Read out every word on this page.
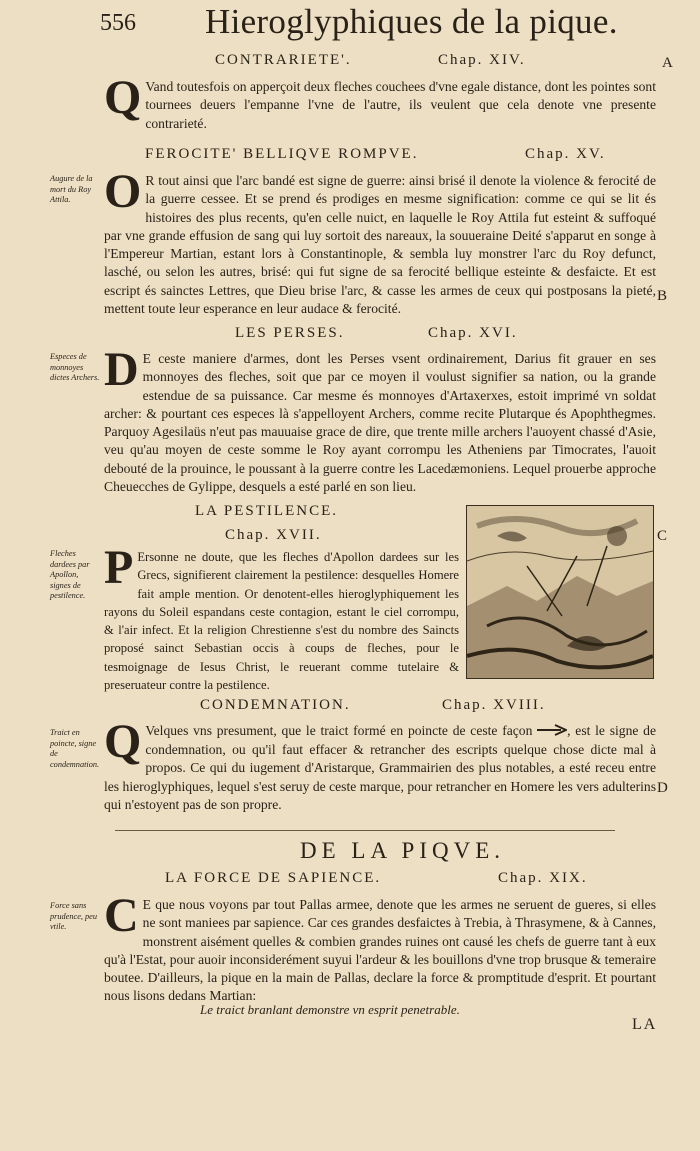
556 Hieroglyphiques de la pique.
A
B
C
D
CONTRARIETE'.	Chap. XIV.
Q Vand toutesfois on apperçoit deux fleches couchees d'vne egale distance, dont les pointes sont tournees deuers l'empanne l'vne de l'autre, ils veulent que cela denote vne presente contrarieté.
FEROCITE' BELLIQVE ROMPVE.	Chap. XV.
Augure de la mort du Roy Attila. O R tout ainsi que l'arc bandé est signe de guerre: ainsi brisé il denote la violence & ferocité de la guerre cessee. Et se prend és prodiges en mesme signification: comme ce qui se lit és histoires des plus recents, qu'en celle nuict, en laquelle le Roy Attila fut esteint & suffoqué par vne grande effusion de sang qui luy sortoit des nareaux, la souueraine Deité s'apparut en songe à l'Empereur Martian, estant lors à Constantinople, & sembla luy monstrer l'arc du Roy defunct, lasché, ou selon les autres, brisé: qui fut signe de sa ferocité bellique esteinte & desfaicte. Et est escript és sainctes Lettres, que Dieu brise l'arc, & casse les armes de ceux qui postposans la pieté, mettent toute leur esperance en leur audace & ferocité.
LES PERSES.	Chap. XVI.
Especes de monnoyes dictes Archers. D E ceste maniere d'armes, dont les Perses vsent ordinairement, Darius fit grauer en ses monnoyes des fleches, soit que par ce moyen il voulust signifier sa nation, ou la grande estendue de sa puissance. Car mesme és monnoyes d'Artaxerxes, estoit imprimé vn soldat archer: & pourtant ces especes là s'appelloyent Archers, comme recite Plutarque és Apophthegmes. Parquoy Agesilaüs n'eut pas mauuaise grace de dire, que trente mille archers l'auoyent chassé d'Asie, veu qu'au moyen de ceste somme le Roy ayant corrompu les Atheniens par Timocrates, l'auoit debouté de la prouince, le poussant à la guerre contre les Lacedæmoniens. Lequel prouerbe approche Cheuecches de Gylippe, desquels a esté parlé en son lieu.
LA PESTILENCE.
Chap. XVII.
Fleches dardees par Apollon, signes de pestilence.
P Ersonne ne doute, que les fleches d'Apollon dardees sur les Grecs, signifierent clairement la pestilence: desquelles Homere fait ample mention. Or denotent-elles hieroglyphiquement les rayons du Soleil espandans ceste contagion, estant le ciel corrompu, & l'air infect. Et la religion Chrestienne s'est du nombre des Saincts proposé sainct Sebastian occis à coups de fleches, pour le tesmoignage de Iesus Christ, le reuerant comme tutelaire & preseruateur contre la pestilence.
CONDEMNATION.	Chap. XVIII.
Traict en poincte, signe de condemnation. Q Velques vns presument, que le traict formé en poincte de ceste façon	, est le signe de condemnation, ou qu'il faut effacer & retrancher des escripts quelque chose dicte mal à propos. Ce qui du iugement d'Aristarque, Grammairien des plus notables, a esté receu entre les hieroglyphiques, lequel s'est seruy de ceste marque, pour retrancher en Homere les vers adulterins qui n'estoyent pas de son propre.
DE LA PIQVE.
LA FORCE DE SAPIENCE.	Chap. XIX.
Force sans prudence, peu vtile. C E que nous voyons par tout Pallas armee, denote que les armes ne seruent de gueres, si elles ne sont maniees par sapience. Car ces grandes desfaictes à Trebia, à Thrasymene, & à Cannes, monstrent aisément quelles & combien grandes ruines ont causé les chefs de guerre tant à eux qu'à l'Estat, pour auoir inconsiderément suyui l'ardeur & les bouillons d'vne trop brusque & temeraire boutee. D'ailleurs, la pique en la main de Pallas, declare la force & promptitude d'esprit. Et pourtant nous lisons dedans Martian:
Le traict branlant demonstre vn esprit penetrable.
LA
